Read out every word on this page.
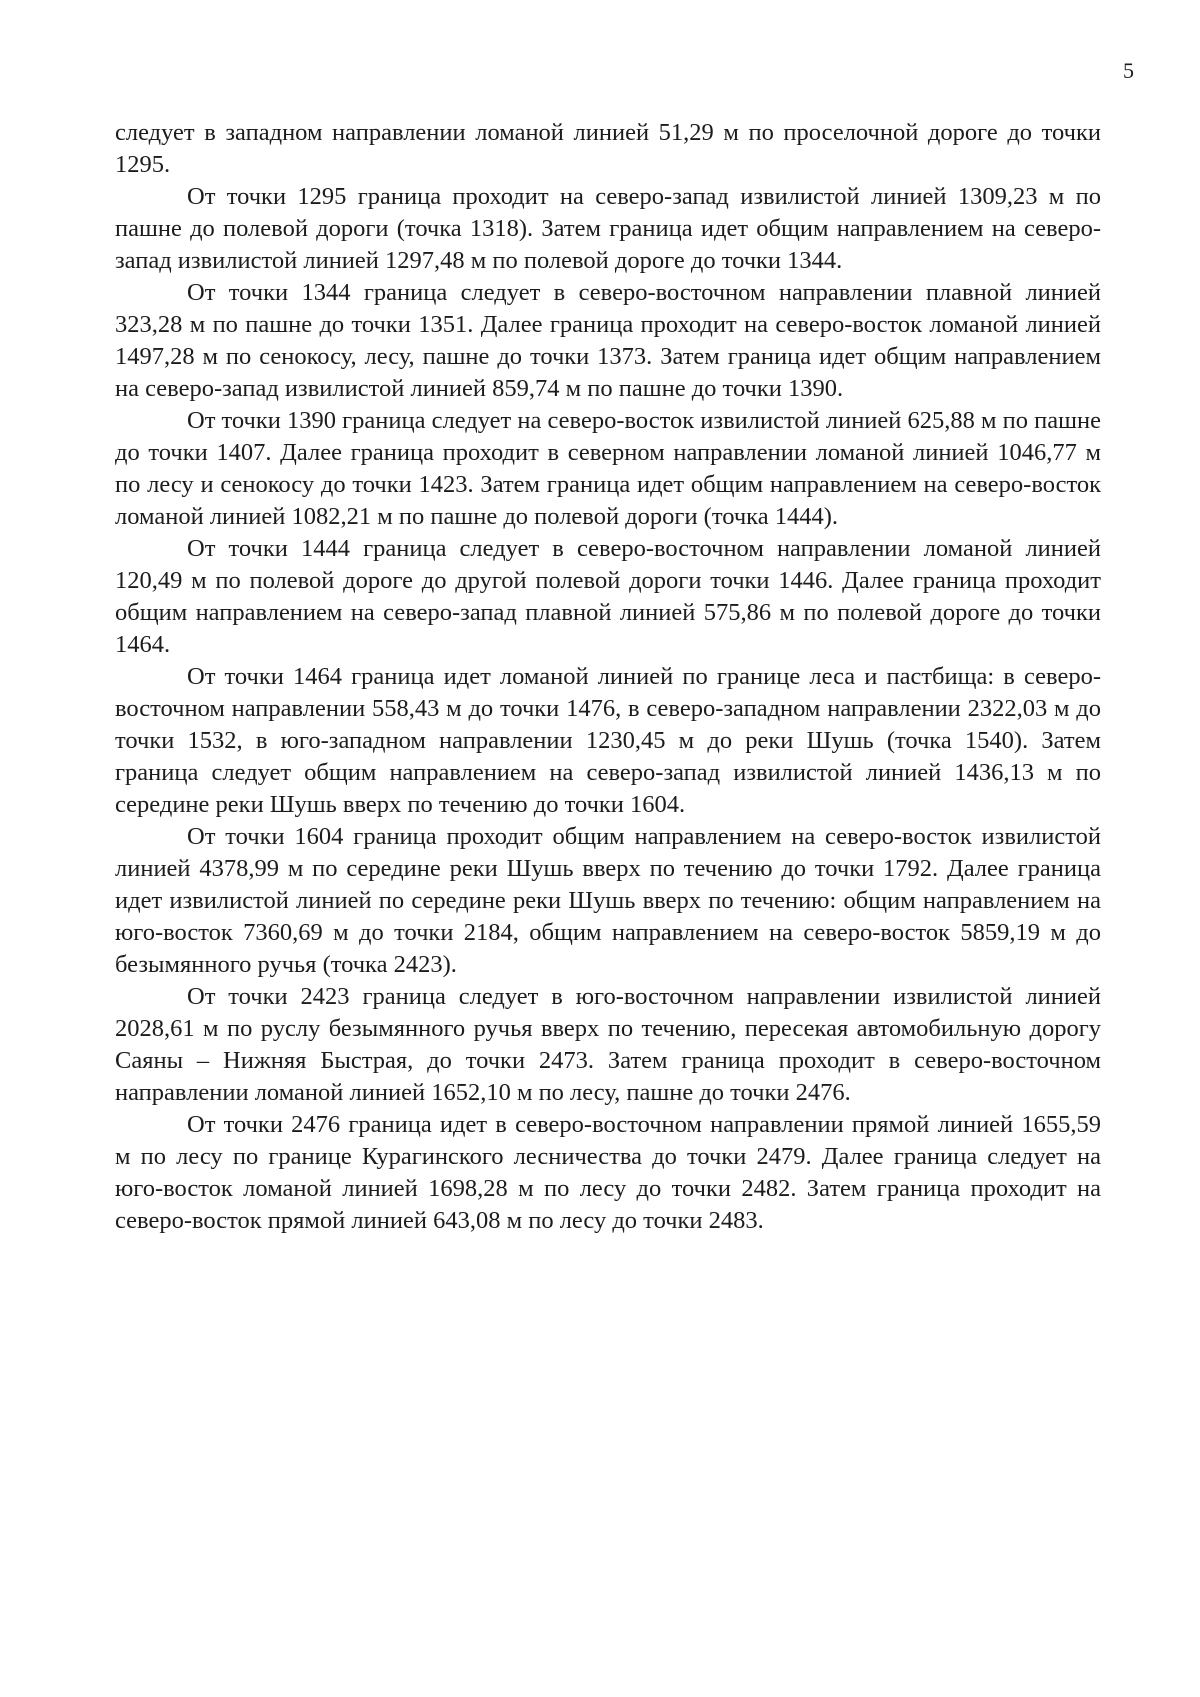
5

следует в западном направлении ломаной линией 51,29 м по проселочной дороге до точки 1295.

От точки 1295 граница проходит на северо-запад извилистой линией 1309,23 м по пашне до полевой дороги (точка 1318). Затем граница идет общим направлением на северо-запад извилистой линией 1297,48 м по полевой дороге до точки 1344.

От точки 1344 граница следует в северо-восточном направлении плавной линией 323,28 м по пашне до точки 1351. Далее граница проходит на северо-восток ломаной линией 1497,28 м по сенокосу, лесу, пашне до точки 1373. Затем граница идет общим направлением на северо-запад извилистой линией 859,74 м по пашне до точки 1390.

От точки 1390 граница следует на северо-восток извилистой линией 625,88 м по пашне до точки 1407. Далее граница проходит в северном направлении ломаной линией 1046,77 м по лесу и сенокосу до точки 1423. Затем граница идет общим направлением на северо-восток ломаной линией 1082,21 м по пашне до полевой дороги (точка 1444).

От точки 1444 граница следует в северо-восточном направлении ломаной линией 120,49 м по полевой дороге до другой полевой дороги точки 1446. Далее граница проходит общим направлением на северо-запад плавной линией 575,86 м по полевой дороге до точки 1464.

От точки 1464 граница идет ломаной линией по границе леса и пастбища: в северо-восточном направлении 558,43 м до точки 1476, в северо-западном направлении 2322,03 м до точки 1532, в юго-западном направлении 1230,45 м до реки Шушь (точка 1540). Затем граница следует общим направлением на северо-запад извилистой линией 1436,13 м по середине реки Шушь вверх по течению до точки 1604.

От точки 1604 граница проходит общим направлением на северо-восток извилистой линией 4378,99 м по середине реки Шушь вверх по течению до точки 1792. Далее граница идет извилистой линией по середине реки Шушь вверх по течению: общим направлением на юго-восток 7360,69 м до точки 2184, общим направлением на северо-восток 5859,19 м до безымянного ручья (точка 2423).

От точки 2423 граница следует в юго-восточном направлении извилистой линией 2028,61 м по руслу безымянного ручья вверх по течению, пересекая автомобильную дорогу Саяны – Нижняя Быстрая, до точки 2473. Затем граница проходит в северо-восточном направлении ломаной линией 1652,10 м по лесу, пашне до точки 2476.

От точки 2476 граница идет в северо-восточном направлении прямой линией 1655,59 м по лесу по границе Курагинского лесничества до точки 2479. Далее граница следует на юго-восток ломаной линией 1698,28 м по лесу до точки 2482. Затем граница проходит на северо-восток прямой линией 643,08 м по лесу до точки 2483.
